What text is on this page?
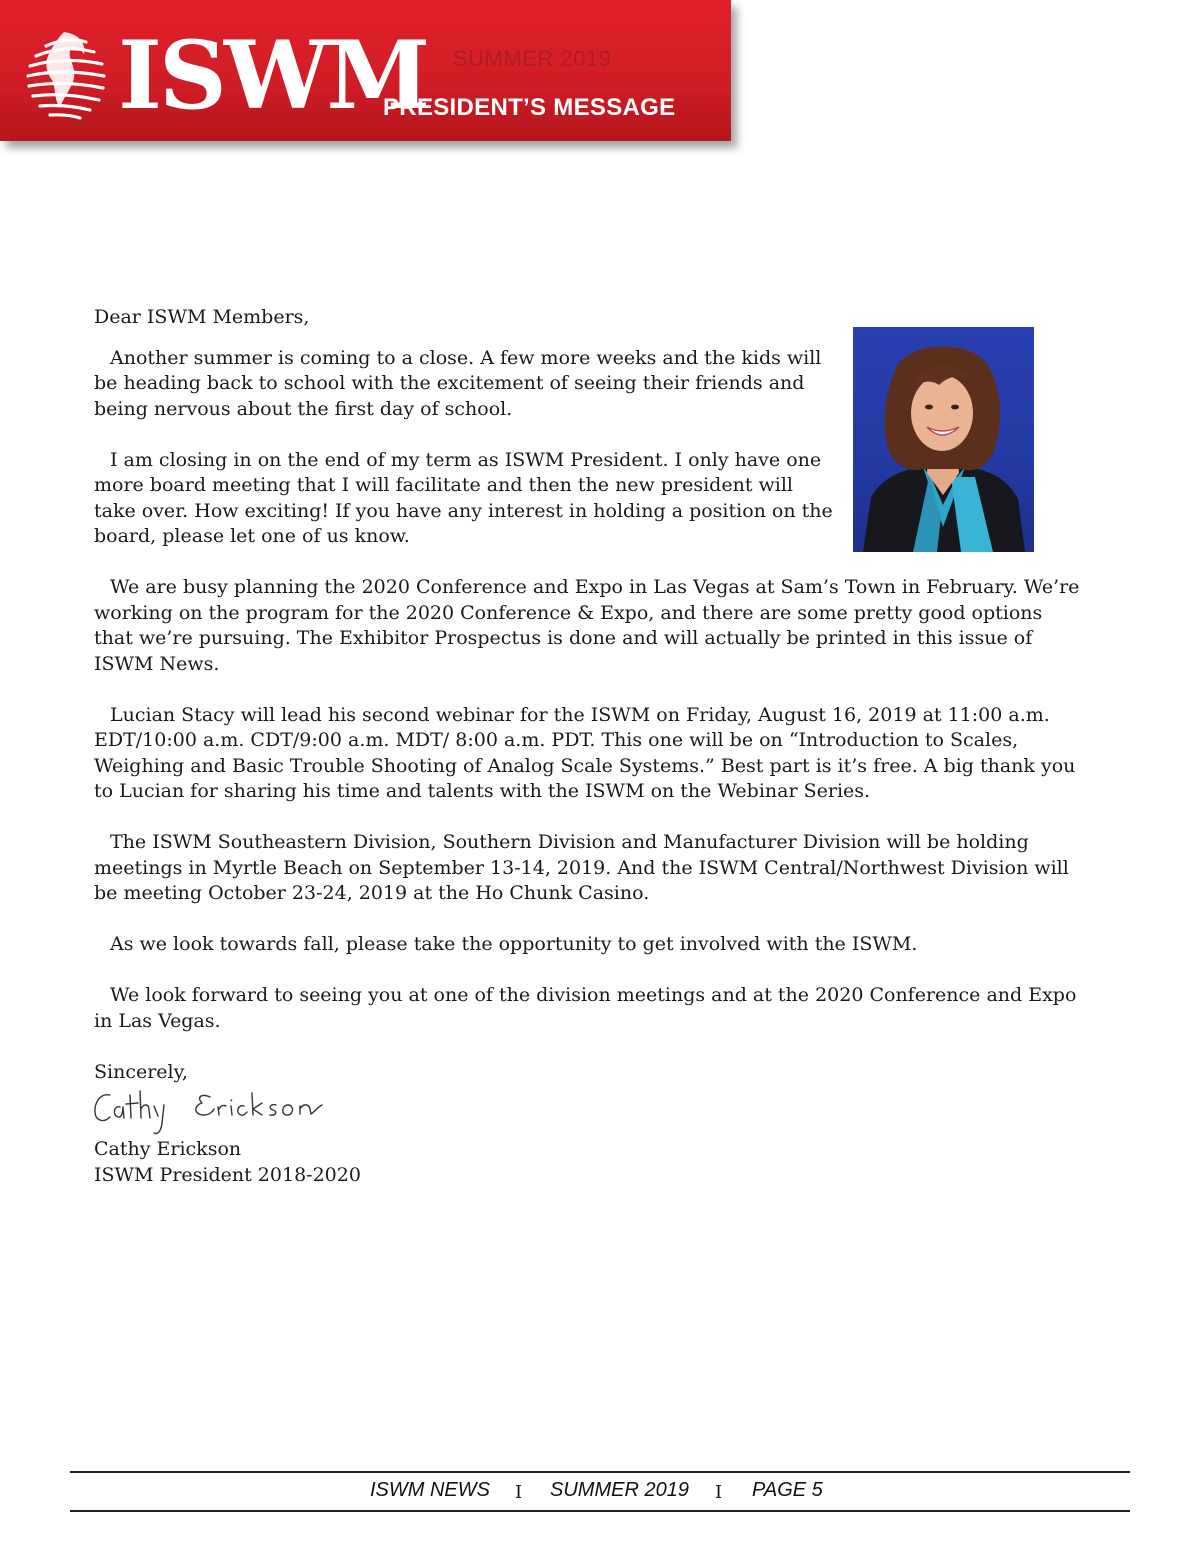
ISWM SUMMER 2019
PRESIDENT’S MESSAGE

Dear ISWM Members,

Another summer is coming to a close. A few more weeks and the kids will be heading back to school with the excitement of seeing their friends and being nervous about the first day of school.

I am closing in on the end of my term as ISWM President. I only have one more board meeting that I will facilitate and then the new president will take over. How exciting! If you have any interest in holding a position on the board, please let one of us know.

We are busy planning the 2020 Conference and Expo in Las Vegas at Sam’s Town in February. We’re working on the program for the 2020 Conference & Expo, and there are some pretty good options that we’re pursuing. The Exhibitor Prospectus is done and will actually be printed in this issue of ISWM News.

Lucian Stacy will lead his second webinar for the ISWM on Friday, August 16, 2019 at 11:00 a.m. EDT/10:00 a.m. CDT/9:00 a.m. MDT/ 8:00 a.m. PDT. This one will be on “Introduction to Scales, Weighing and Basic Trouble Shooting of Analog Scale Systems.” Best part is it’s free. A big thank you to Lucian for sharing his time and talents with the ISWM on the Webinar Series.

The ISWM Southeastern Division, Southern Division and Manufacturer Division will be holding meetings in Myrtle Beach on September 13-14, 2019. And the ISWM Central/Northwest Division will be meeting October 23-24, 2019 at the Ho Chunk Casino.

As we look towards fall, please take the opportunity to get involved with the ISWM.

We look forward to seeing you at one of the division meetings and at the 2020 Conference and Expo in Las Vegas.

Sincerely,

Cathy Erickson

ISWM President 2018-2020

ISWM NEWS I SUMMER 2019 I PAGE 5
